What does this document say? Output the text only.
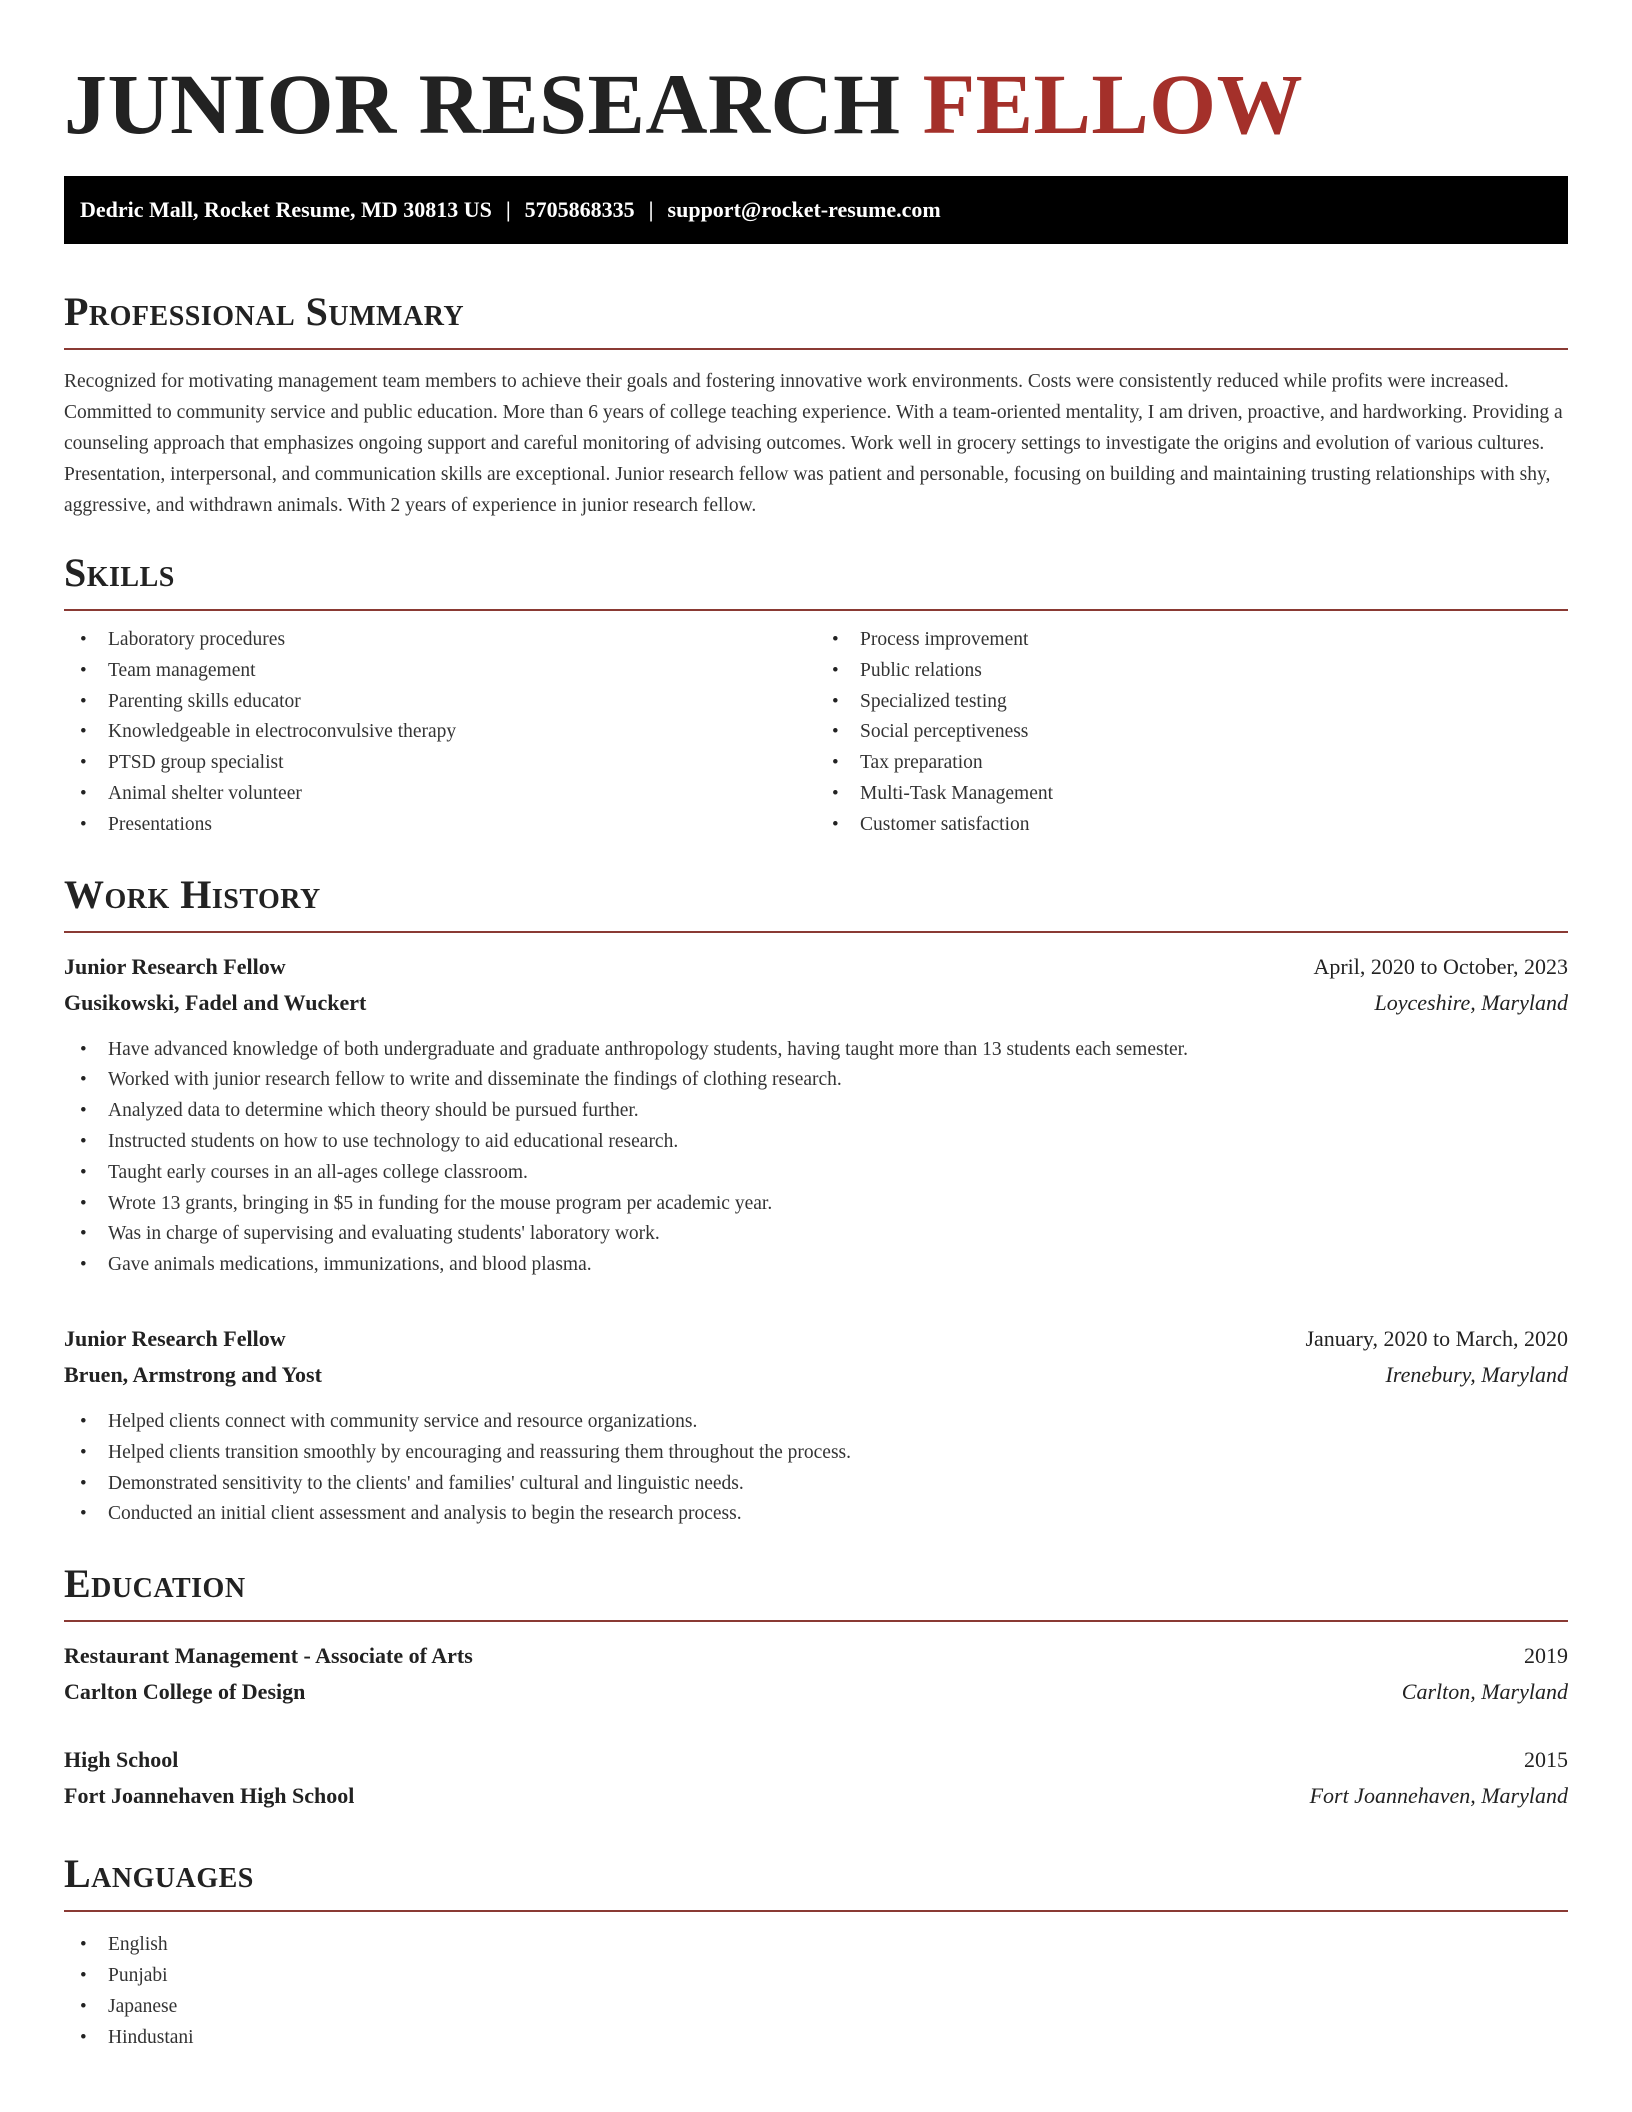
JUNIOR RESEARCH FELLOW
Dedric Mall, Rocket Resume, MD 30813 US | 5705868335 | support@rocket-resume.com
Professional Summary

Recognized for motivating management team members to achieve their goals and fostering innovative work environments. Costs were consistently reduced while profits were increased. Committed to community service and public education. More than 6 years of college teaching experience. With a team-oriented mentality, I am driven, proactive, and hardworking. Providing a counseling approach that emphasizes ongoing support and careful monitoring of advising outcomes. Work well in grocery settings to investigate the origins and evolution of various cultures. Presentation, interpersonal, and communication skills are exceptional. Junior research fellow was patient and personable, focusing on building and maintaining trusting relationships with shy, aggressive, and withdrawn animals. With 2 years of experience in junior research fellow.

Skills
• Laboratory procedures
• Team management
• Parenting skills educator
• Knowledgeable in electroconvulsive therapy
• PTSD group specialist
• Animal shelter volunteer
• Presentations
• Process improvement
• Public relations
• Specialized testing
• Social perceptiveness
• Tax preparation
• Multi-Task Management
• Customer satisfaction
Work History
Junior Research Fellow	April, 2020 to October, 2023
Gusikowski, Fadel and Wuckert	Loyceshire, Maryland
• Have advanced knowledge of both undergraduate and graduate anthropology students, having taught more than 13 students each semester.
• Worked with junior research fellow to write and disseminate the findings of clothing research.
• Analyzed data to determine which theory should be pursued further.
• Instructed students on how to use technology to aid educational research.
• Taught early courses in an all-ages college classroom.
• Wrote 13 grants, bringing in $5 in funding for the mouse program per academic year.
• Was in charge of supervising and evaluating students' laboratory work.
• Gave animals medications, immunizations, and blood plasma.
Junior Research Fellow	January, 2020 to March, 2020
Bruen, Armstrong and Yost	Irenebury, Maryland
• Helped clients connect with community service and resource organizations.
• Helped clients transition smoothly by encouraging and reassuring them throughout the process.
• Demonstrated sensitivity to the clients' and families' cultural and linguistic needs.
• Conducted an initial client assessment and analysis to begin the research process.
Education
Restaurant Management - Associate of Arts	2019
Carlton College of Design	Carlton, Maryland
High School	2015
Fort Joannehaven High School	Fort Joannehaven, Maryland
Languages
• English
• Punjabi
• Japanese
• Hindustani
